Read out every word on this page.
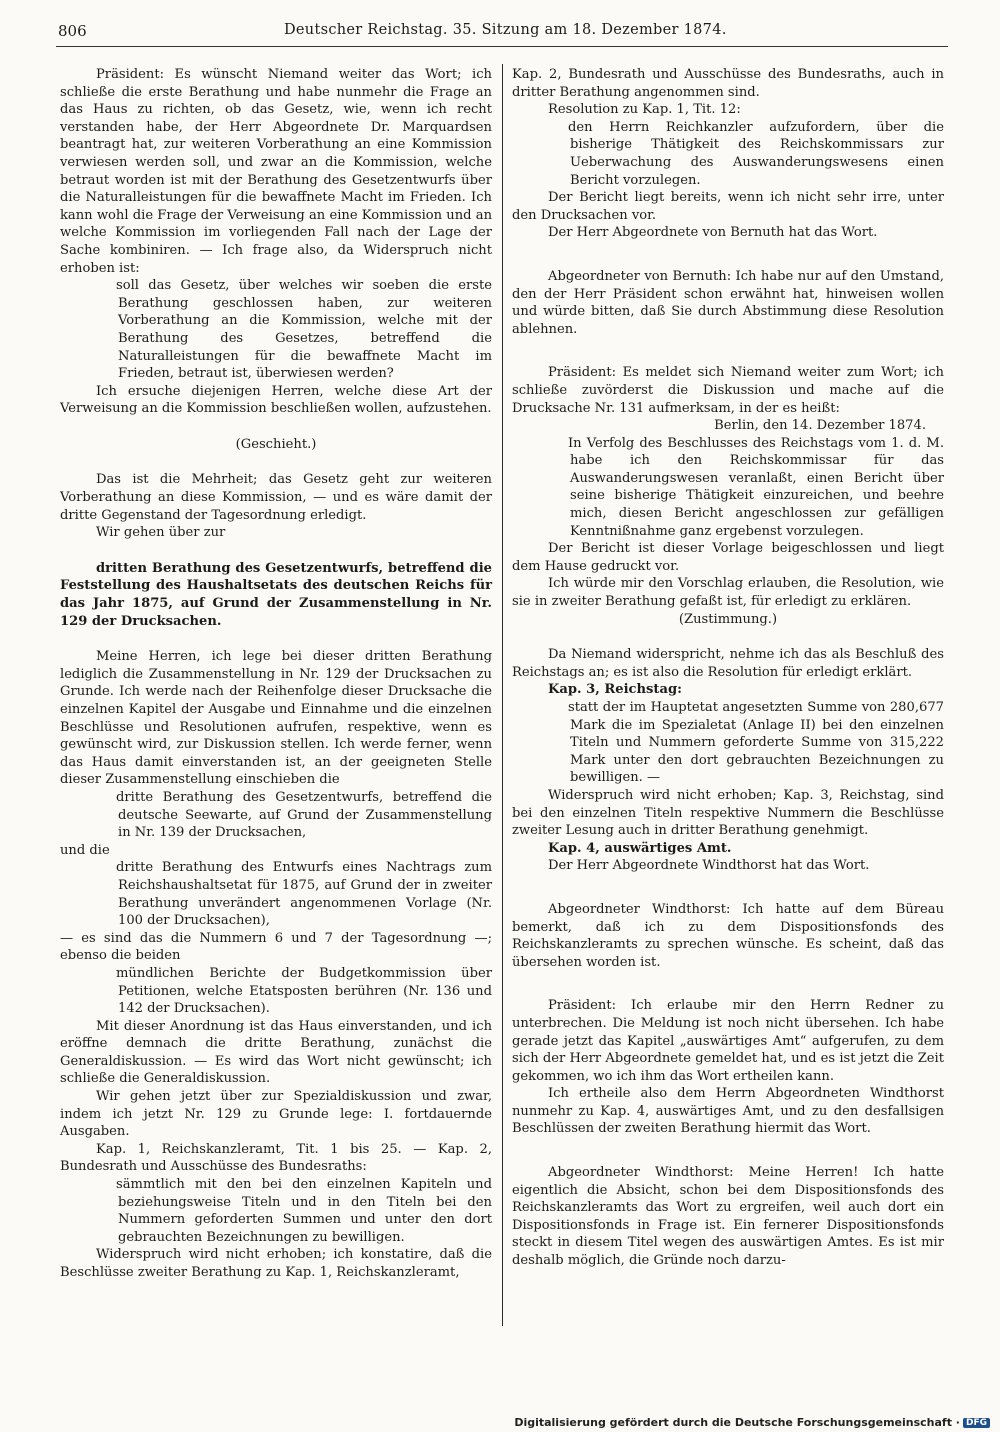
806	Deutscher Reichstag. 35. Sitzung am 18. Dezember 1874.

Präsident: Es wünscht Niemand weiter das Wort; ich schließe die erste Berathung und habe nunmehr die Frage an das Haus zu richten, ob das Gesetz, wie, wenn ich recht verstanden habe, der Herr Abgeordnete Dr. Marquardsen beantragt hat, zur weiteren Vorberathung an eine Kommission verwiesen werden soll, und zwar an die Kommission, welche betraut worden ist mit der Berathung des Gesetzentwurfs über die Naturalleistungen für die bewaffnete Macht im Frieden. Ich kann wohl die Frage der Verweisung an eine Kommission und an welche Kommission im vorliegenden Fall nach der Lage der Sache kombiniren. — Ich frage also, da Widerspruch nicht erhoben ist:

soll das Gesetz, über welches wir soeben die erste Berathung geschlossen haben, zur weiteren Vorberathung an die Kommission, welche mit der Berathung des Gesetzes, betreffend die Naturalleistungen für die bewaffnete Macht im Frieden, betraut ist, überwiesen werden?

Ich ersuche diejenigen Herren, welche diese Art der Verweisung an die Kommission beschließen wollen, aufzustehen.

(Geschieht.)

Das ist die Mehrheit; das Gesetz geht zur weiteren Vorberathung an diese Kommission, — und es wäre damit der dritte Gegenstand der Tagesordnung erledigt.

Wir gehen über zur

dritten Berathung des Gesetzentwurfs, betreffend die Feststellung des Haushaltsetats des deutschen Reichs für das Jahr 1875, auf Grund der Zusammenstellung in Nr. 129 der Drucksachen.

Meine Herren, ich lege bei dieser dritten Berathung lediglich die Zusammenstellung in Nr. 129 der Drucksachen zu Grunde. Ich werde nach der Reihenfolge dieser Drucksache die einzelnen Kapitel der Ausgabe und Einnahme und die einzelnen Beschlüsse und Resolutionen aufrufen, respektive, wenn es gewünscht wird, zur Diskussion stellen. Ich werde ferner, wenn das Haus damit einverstanden ist, an der geeigneten Stelle dieser Zusammenstellung einschieben die

dritte Berathung des Gesetzentwurfs, betreffend die deutsche Seewarte, auf Grund der Zusammenstellung in Nr. 139 der Drucksachen,

und die

dritte Berathung des Entwurfs eines Nachtrags zum Reichshaushaltsetat für 1875, auf Grund der in zweiter Berathung unverändert angenommenen Vorlage (Nr. 100 der Drucksachen),

— es sind das die Nummern 6 und 7 der Tagesordnung —; ebenso die beiden

mündlichen Berichte der Budgetkommission über Petitionen, welche Etatsposten berühren (Nr. 136 und 142 der Drucksachen).

Mit dieser Anordnung ist das Haus einverstanden, und ich eröffne demnach die dritte Berathung, zunächst die Generaldiskussion. — Es wird das Wort nicht gewünscht; ich schließe die Generaldiskussion.

Wir gehen jetzt über zur Spezialdiskussion und zwar, indem ich jetzt Nr. 129 zu Grunde lege: I. fortdauernde Ausgaben.

Kap. 1, Reichskanzleramt, Tit. 1 bis 25. — Kap. 2, Bundesrath und Ausschüsse des Bundesraths:

sämmtlich mit den bei den einzelnen Kapiteln und beziehungsweise Titeln und in den Titeln bei den Nummern geforderten Summen und unter den dort gebrauchten Bezeichnungen zu bewilligen.

Widerspruch wird nicht erhoben; ich konstatire, daß die Beschlüsse zweiter Berathung zu Kap. 1, Reichskanzleramt,

Kap. 2, Bundesrath und Ausschüsse des Bundesraths, auch in dritter Berathung angenommen sind.

Resolution zu Kap. 1, Tit. 12:

den Herrn Reichkanzler aufzufordern, über die bisherige Thätigkeit des Reichskommissars zur Ueberwachung des Auswanderungswesens einen Bericht vorzulegen.

Der Bericht liegt bereits, wenn ich nicht sehr irre, unter den Drucksachen vor.

Der Herr Abgeordnete von Bernuth hat das Wort.

Abgeordneter von Bernuth: Ich habe nur auf den Umstand, den der Herr Präsident schon erwähnt hat, hinweisen wollen und würde bitten, daß Sie durch Abstimmung diese Resolution ablehnen.

Präsident: Es meldet sich Niemand weiter zum Wort; ich schließe zuvörderst die Diskussion und mache auf die Drucksache Nr. 131 aufmerksam, in der es heißt:

Berlin, den 14. Dezember 1874.

In Verfolg des Beschlusses des Reichstags vom 1. d. M. habe ich den Reichskommissar für das Auswanderungswesen veranlaßt, einen Bericht über seine bisherige Thätigkeit einzureichen, und beehre mich, diesen Bericht angeschlossen zur gefälligen Kenntnißnahme ganz ergebenst vorzulegen.

Der Bericht ist dieser Vorlage beigeschlossen und liegt dem Hause gedruckt vor.

Ich würde mir den Vorschlag erlauben, die Resolution, wie sie in zweiter Berathung gefaßt ist, für erledigt zu erklären.

(Zustimmung.)

Da Niemand widerspricht, nehme ich das als Beschluß des Reichstags an; es ist also die Resolution für erledigt erklärt.

Kap. 3, Reichstag:

statt der im Hauptetat angesetzten Summe von 280,677 Mark die im Spezialetat (Anlage II) bei den einzelnen Titeln und Nummern geforderte Summe von 315,222 Mark unter den dort gebrauchten Bezeichnungen zu bewilligen. —

Widerspruch wird nicht erhoben; Kap. 3, Reichstag, sind bei den einzelnen Titeln respektive Nummern die Beschlüsse zweiter Lesung auch in dritter Berathung genehmigt.

Kap. 4, auswärtiges Amt.

Der Herr Abgeordnete Windthorst hat das Wort.

Abgeordneter Windthorst: Ich hatte auf dem Büreau bemerkt, daß ich zu dem Dispositionsfonds des Reichskanzleramts zu sprechen wünsche. Es scheint, daß das übersehen worden ist.

Präsident: Ich erlaube mir den Herrn Redner zu unterbrechen. Die Meldung ist noch nicht übersehen. Ich habe gerade jetzt das Kapitel „auswärtiges Amt“ aufgerufen, zu dem sich der Herr Abgeordnete gemeldet hat, und es ist jetzt die Zeit gekommen, wo ich ihm das Wort ertheilen kann.

Ich ertheile also dem Herrn Abgeordneten Windthorst nunmehr zu Kap. 4, auswärtiges Amt, und zu den desfallsigen Beschlüssen der zweiten Berathung hiermit das Wort.

Abgeordneter Windthorst: Meine Herren! Ich hatte eigentlich die Absicht, schon bei dem Dispositionsfonds des Reichskanzleramts das Wort zu ergreifen, weil auch dort ein Dispositionsfonds in Frage ist. Ein fernerer Dispositionsfonds steckt in diesem Titel wegen des auswärtigen Amtes. Es ist mir deshalb möglich, die Gründe noch darzu-

Digitalisierung gefördert durch die Deutsche Forschungsgemeinschaft · DFG
